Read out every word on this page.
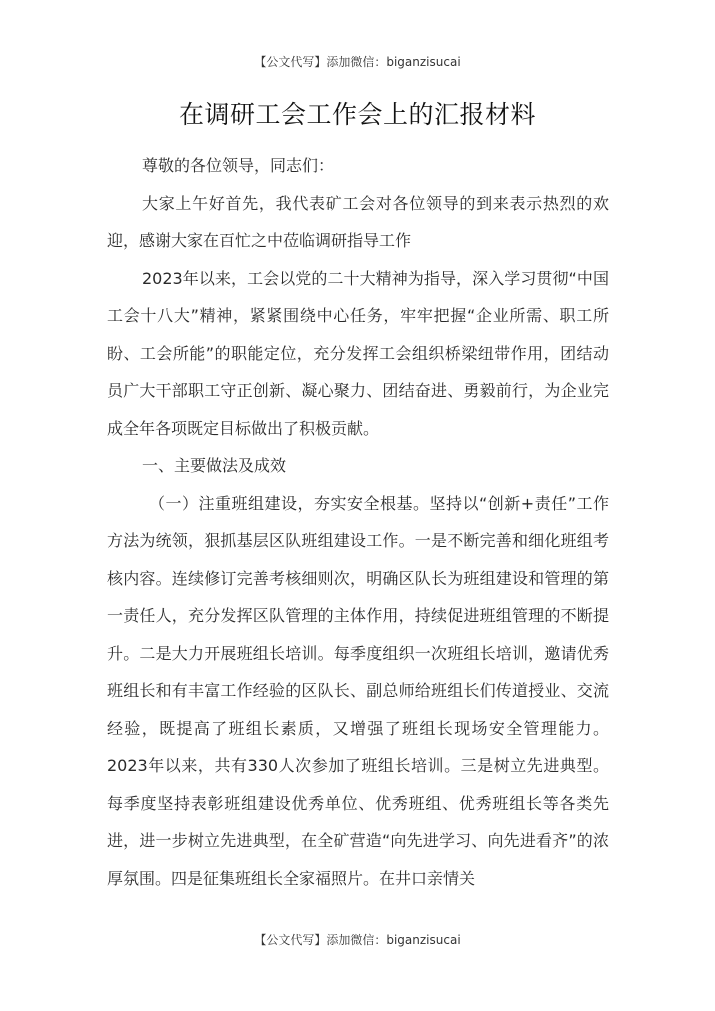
【公文代写】添加微信：biganzisucai
在调研工会工作会上的汇报材料

尊敬的各位领导，同志们：

大家上午好首先，我代表矿工会对各位领导的到来表示热烈的欢迎，感谢大家在百忙之中莅临调研指导工作

2023年以来，工会以党的二十大精神为指导，深入学习贯彻“中国工会十八大”精神，紧紧围绕中心任务，牢牢把握“企业所需、职工所盼、工会所能”的职能定位，充分发挥工会组织桥梁纽带作用，团结动员广大干部职工守正创新、凝心聚力、团结奋进、勇毅前行，为企业完成全年各项既定目标做出了积极贡献。

一、主要做法及成效

（一）注重班组建设，夯实安全根基。坚持以“创新+责任”工作方法为统领，狠抓基层区队班组建设工作。一是不断完善和细化班组考核内容。连续修订完善考核细则次，明确区队长为班组建设和管理的第一责任人，充分发挥区队管理的主体作用，持续促进班组管理的不断提升。二是大力开展班组长培训。每季度组织一次班组长培训，邀请优秀班组长和有丰富工作经验的区队长、副总师给班组长们传道授业、交流经验，既提高了班组长素质，又增强了班组长现场安全管理能力。2023年以来，共有330人次参加了班组长培训。三是树立先进典型。每季度坚持表彰班组建设优秀单位、优秀班组、优秀班组长等各类先进，进一步树立先进典型，在全矿营造“向先进学习、向先进看齐”的浓厚氛围。四是征集班组长全家福照片。在井口亲情关

【公文代写】添加微信：biganzisucai
